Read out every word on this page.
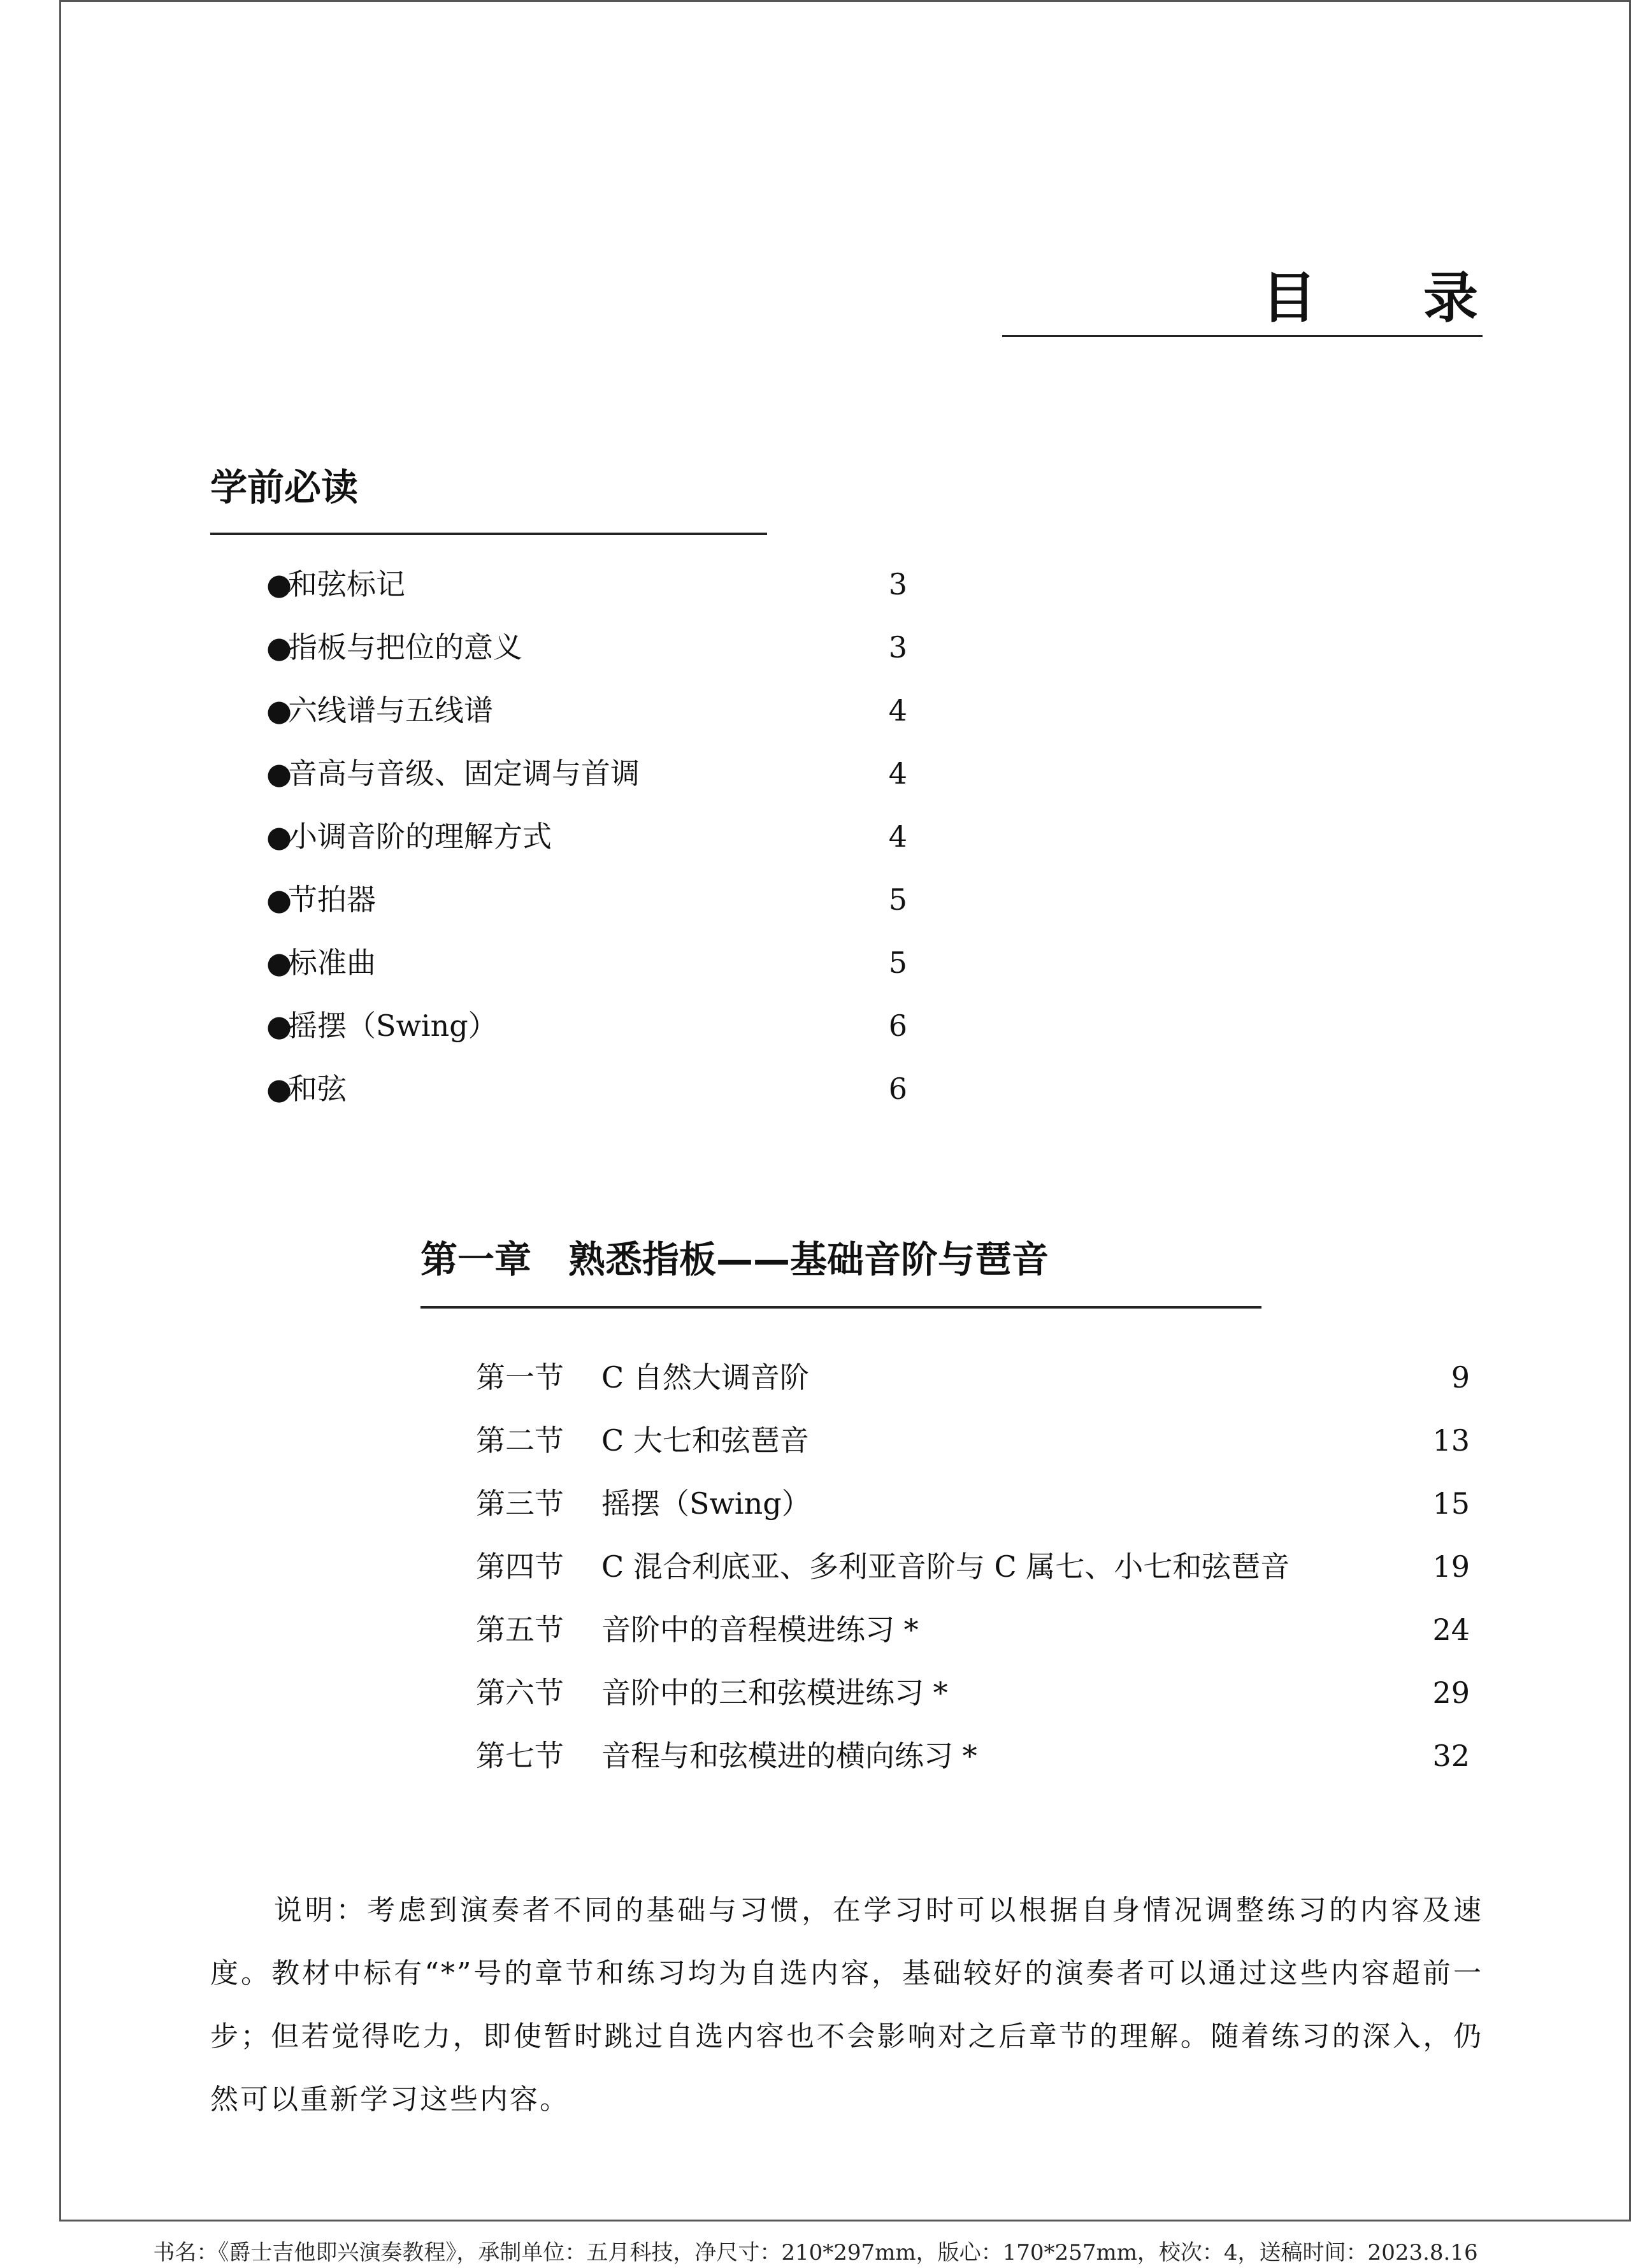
目 录
学前必读
●
和弦标记	3
●
指板与把位的意义	3
●
六线谱与五线谱	4
●
音高与音级、固定调与首调	4
●
小调音阶的理解方式	4
●
节拍器	5
●
标准曲	5
●
摇摆（Swing）	6
●
和弦	6
第一章　熟悉指板——基础音阶与琶音
第一节 C 自然大调音阶	9
第二节 C 大七和弦琶音	13
第三节 摇摆（Swing）	15
第四节 C 混合利底亚、多利亚音阶与 C 属七、小七和弦琶音	19
第五节 音阶中的音程模进练习 *	24
第六节 音阶中的三和弦模进练习 *	29
第七节 音程与和弦模进的横向练习 *	32

说明：考虑到演奏者不同的基础与习惯，在学习时可以根据自身情况调整练习的内容及速度。教材中标有“*”号的章节和练习均为自选内容，基础较好的演奏者可以通过这些内容超前一步；但若觉得吃力，即使暂时跳过自选内容也不会影响对之后章节的理解。随着练习的深入，仍然可以重新学习这些内容。

书名：《爵士吉他即兴演奏教程》，承制单位：五月科技，净尺寸：210*297mm，版心：170*257mm，校次：4，送稿时间：2023.8.16
